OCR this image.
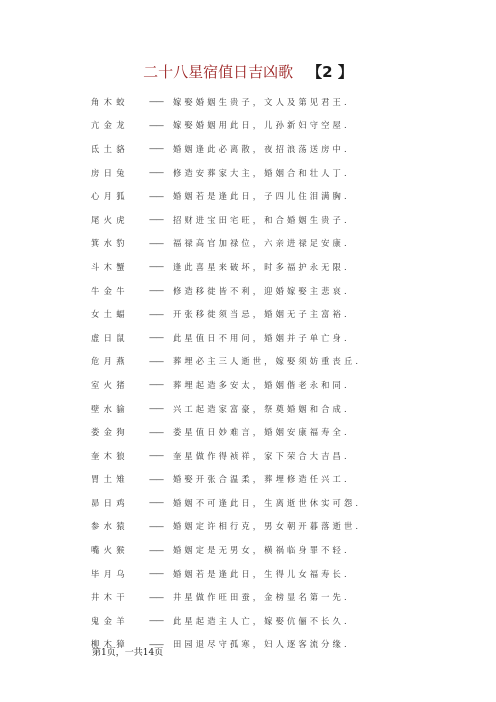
二十八星宿值日吉凶歌 【2 】
角木蛟	——	嫁娶婚姻生贵子，文人及第见君王.
亢金龙	——	嫁娶婚姻用此日，儿孙新妇守空屋.
氐土貉	——	婚姻逢此必离散，夜招浪荡送房中.
房日兔	——	修造安葬家大主，婚姻合和壮人丁.
心月狐	——	婚姻若是逢此日，子四儿住泪满胸.
尾火虎	——	招财进宝田宅旺，和合婚姻生贵子.
箕水豹	——	福禄高官加禄位，六亲进禄足安康.
斗木蟹	——	逢此喜星来破坏，时多福护永无限.
牛金牛	——	修造移徙皆不利，迎婚嫁娶主悲哀.
女土蝠	——	开张移徙须当忌，婚姻无子主富裕.
虚日鼠	——	此星值日不用问，婚姻并子单亡身.
危月燕	——	葬埋必主三人逝世，嫁娶须妨重丧丘.
室火猪	——	葬埋起造多安太，婚姻偕老永和同.
壁水貐	——	兴工起造家富豪，祭奠婚姻和合成.
娄金狗	——	娄星值日妙难言，婚姻安康福寿全.
奎木狼	——	奎星做作得祯祥，家下荣合大吉昌.
胃土雉	——	婚娶开张合温柔，葬埋修造任兴工.
昴日鸡	——	婚姻不可逢此日，生离逝世休实可怨.
参水猿	——	婚姻定许相行克，男女朝开暮落逝世.
嘴火猴	——	婚姻定是无男女，横祸临身罪不轻.
毕月乌	——	婚姻若是逢此日，生得儿女福寿长.
井木干	——	井星做作旺田蚕，金榜显名第一先.
鬼金羊	——	此星起造主人亡，嫁娶伉俪不长久.
柳木獐	——	田园退尽守孤寒，妇人逐客流分缘.
第1页，一共14页
